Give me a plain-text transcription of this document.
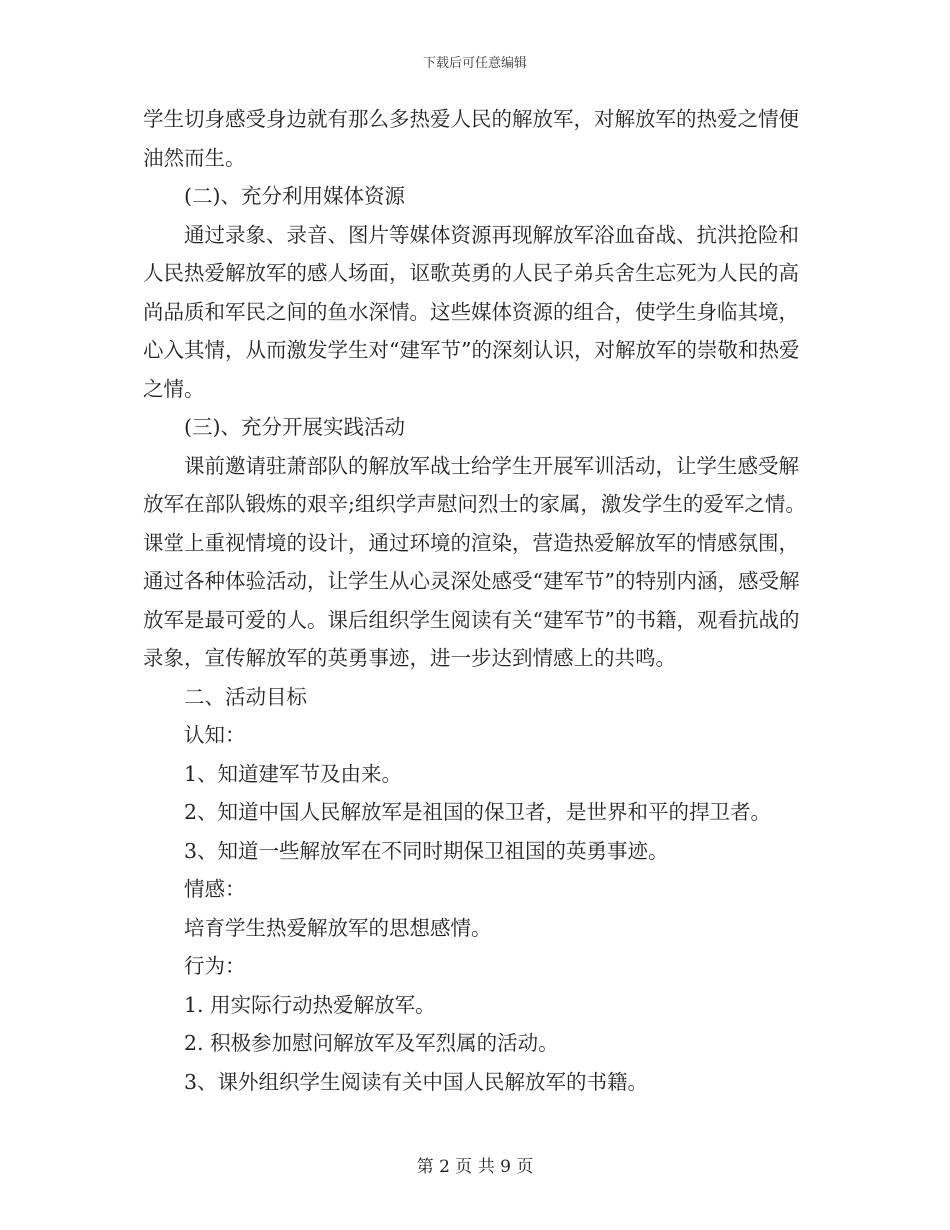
下载后可任意编辑

学生切身感受身边就有那么多热爱人民的解放军，对解放军的热爱之情便油然而生。

(二)、充分利用媒体资源

通过录象、录音、图片等媒体资源再现解放军浴血奋战、抗洪抢险和人民热爱解放军的感人场面，讴歌英勇的人民子弟兵舍生忘死为人民的高尚品质和军民之间的鱼水深情。这些媒体资源的组合，使学生身临其境，心入其情，从而激发学生对“建军节”的深刻认识，对解放军的崇敬和热爱之情。

(三)、充分开展实践活动

课前邀请驻萧部队的解放军战士给学生开展军训活动，让学生感受解放军在部队锻炼的艰辛;组织学声慰问烈士的家属，激发学生的爱军之情。课堂上重视情境的设计，通过环境的渲染，营造热爱解放军的情感氛围，通过各种体验活动，让学生从心灵深处感受“建军节”的特别内涵，感受解放军是最可爱的人。课后组织学生阅读有关“建军节”的书籍，观看抗战的录象，宣传解放军的英勇事迹，进一步达到情感上的共鸣。

二、活动目标

认知：

1、知道建军节及由来。

2、知道中国人民解放军是祖国的保卫者，是世界和平的捍卫者。

3、知道一些解放军在不同时期保卫祖国的英勇事迹。

情感：

培育学生热爱解放军的思想感情。

行为：

1. 用实际行动热爱解放军。

2. 积极参加慰问解放军及军烈属的活动。

3、课外组织学生阅读有关中国人民解放军的书籍。

第 2 页 共 9 页
